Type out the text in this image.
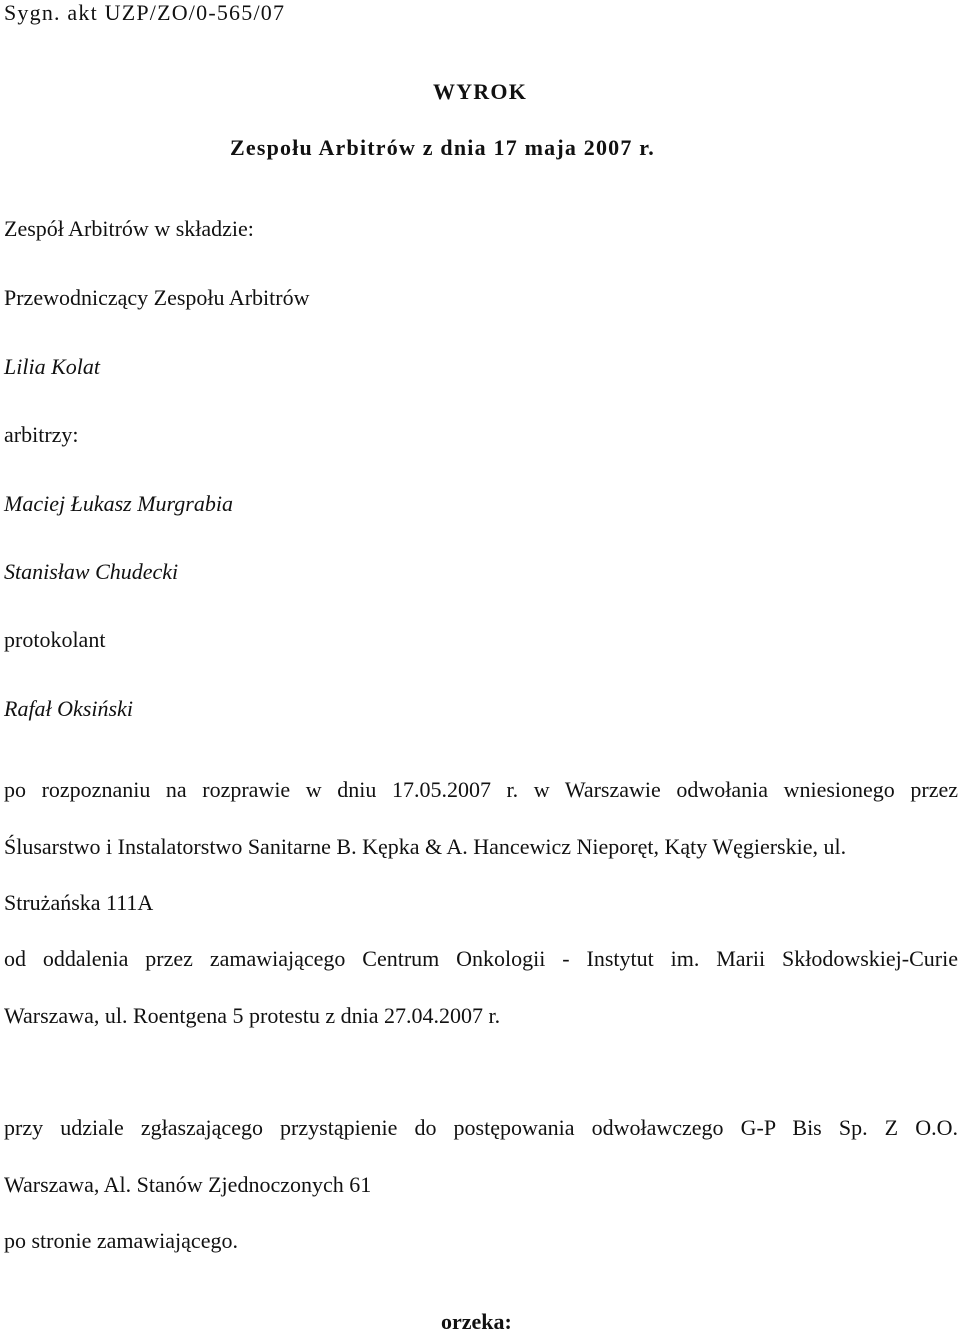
Sygn. akt UZP/ZO/0-565/07
WYROK
Zespołu Arbitrów z dnia 17 maja 2007 r.
Zespół Arbitrów w składzie:
Przewodniczący Zespołu Arbitrów
Lilia Kolat
arbitrzy:
Maciej Łukasz Murgrabia
Stanisław Chudecki
protokolant
Rafał Oksiński
po rozpoznaniu na rozprawie w dniu 17.05.2007 r. w Warszawie odwołania wniesionego przez
Ślusarstwo i Instalatorstwo Sanitarne B. Kępka & A. Hancewicz Nieporęt, Kąty Węgierskie, ul.
Strużańska 111A
od oddalenia przez zamawiającego Centrum Onkologii - Instytut im. Marii Skłodowskiej-Curie
Warszawa, ul. Roentgena 5 protestu z dnia 27.04.2007 r.
przy udziale zgłaszającego przystąpienie do postępowania odwoławczego G-P Bis Sp. Z O.O.
Warszawa, Al. Stanów Zjednoczonych 61
po stronie zamawiającego.
orzeka:
